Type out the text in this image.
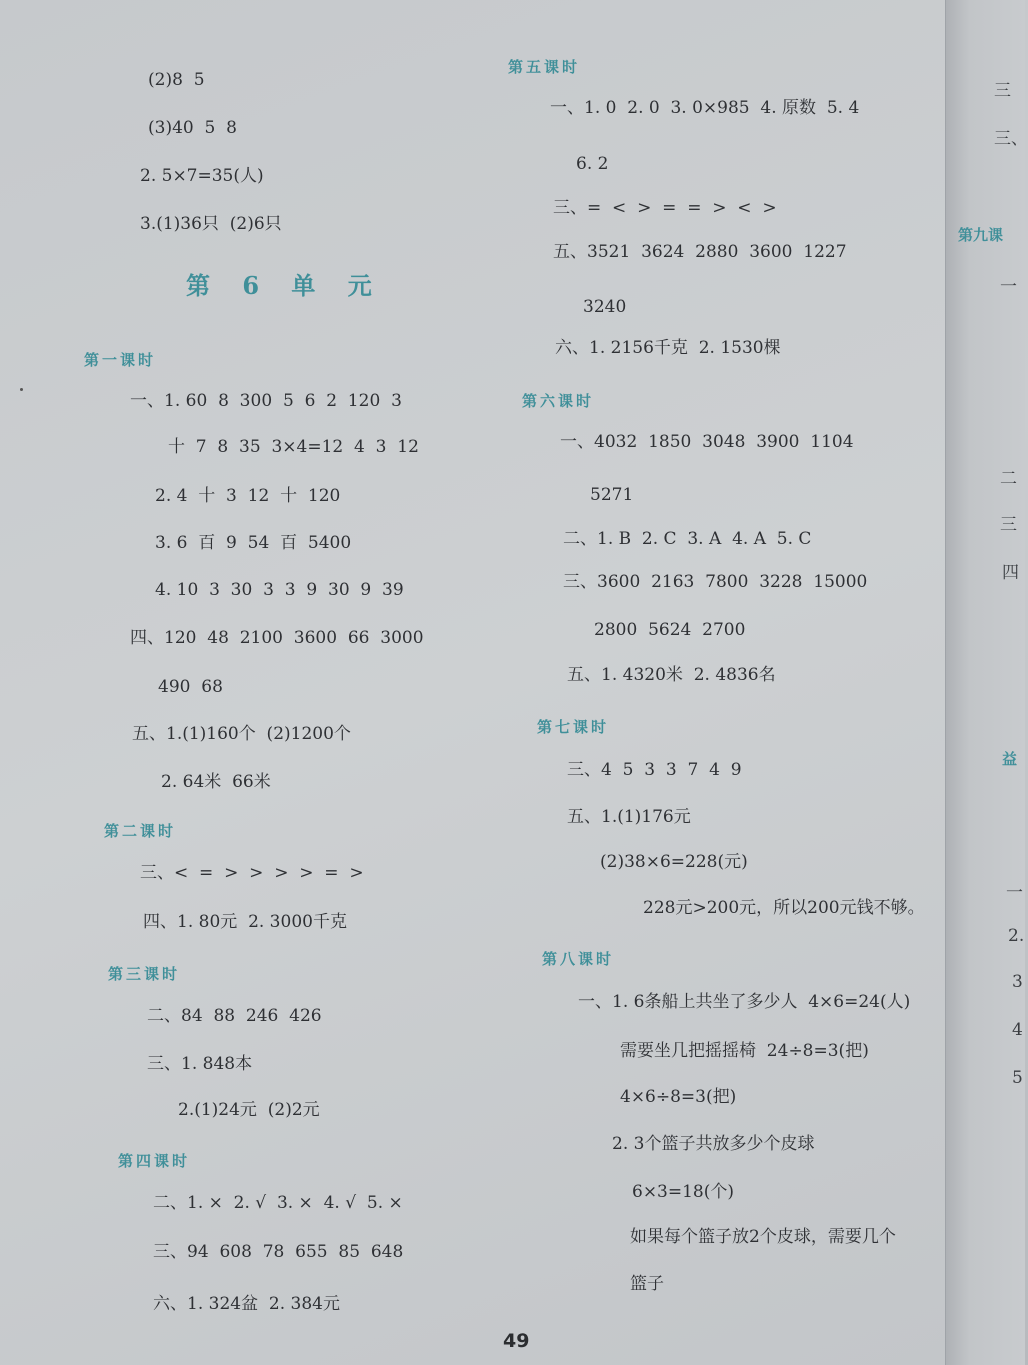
(2)8  5
(3)40  5  8
2. 5×7=35(人)
3.(1)36只  (2)6只
第 6 单 元
第一课时
一、1. 60  8  300  5  6  2  120  3
十  7  8  35  3×4=12  4  3  12
2. 4  十  3  12  十  120
3. 6  百  9  54  百  5400
4. 10  3  30  3  3  9  30  9  39
四、120  48  2100  3600  66  3000
490  68
五、1.(1)160个  (2)1200个
2. 64米  66米
第二课时
三、<  =  >  >  >  >  =  >
四、1. 80元  2. 3000千克
第三课时
二、84  88  246  426
三、1. 848本
2.(1)24元  (2)2元
第四课时
二、1. ×  2. √  3. ×  4. √  5. ×
三、94  608  78  655  85  648
六、1. 324盆  2. 384元
第五课时
一、1. 0  2. 0  3. 0×985  4. 原数  5. 4
6. 2
三、=  <  >  =  =  >  <  >
五、3521  3624  2880  3600  1227
3240
六、1. 2156千克  2. 1530棵
第六课时
一、4032  1850  3048  3900  1104
5271
二、1. B  2. C  3. A  4. A  5. C
三、3600  2163  7800  3228  15000
2800  5624  2700
五、1. 4320米  2. 4836名
第七课时
三、4  5  3  3  7  4  9
五、1.(1)176元
(2)38×6=228(元)
228元>200元，所以200元钱不够。
第八课时
一、1. 6条船上共坐了多少人  4×6=24(人)
需要坐几把摇摇椅  24÷8=3(把)
4×6÷8=3(把)
2. 3个篮子共放多少个皮球
6×3=18(个)
如果每个篮子放2个皮球，需要几个
篮子
三
三、
第九课
一
二
三
四
益
一
2.
3
4
5
49
